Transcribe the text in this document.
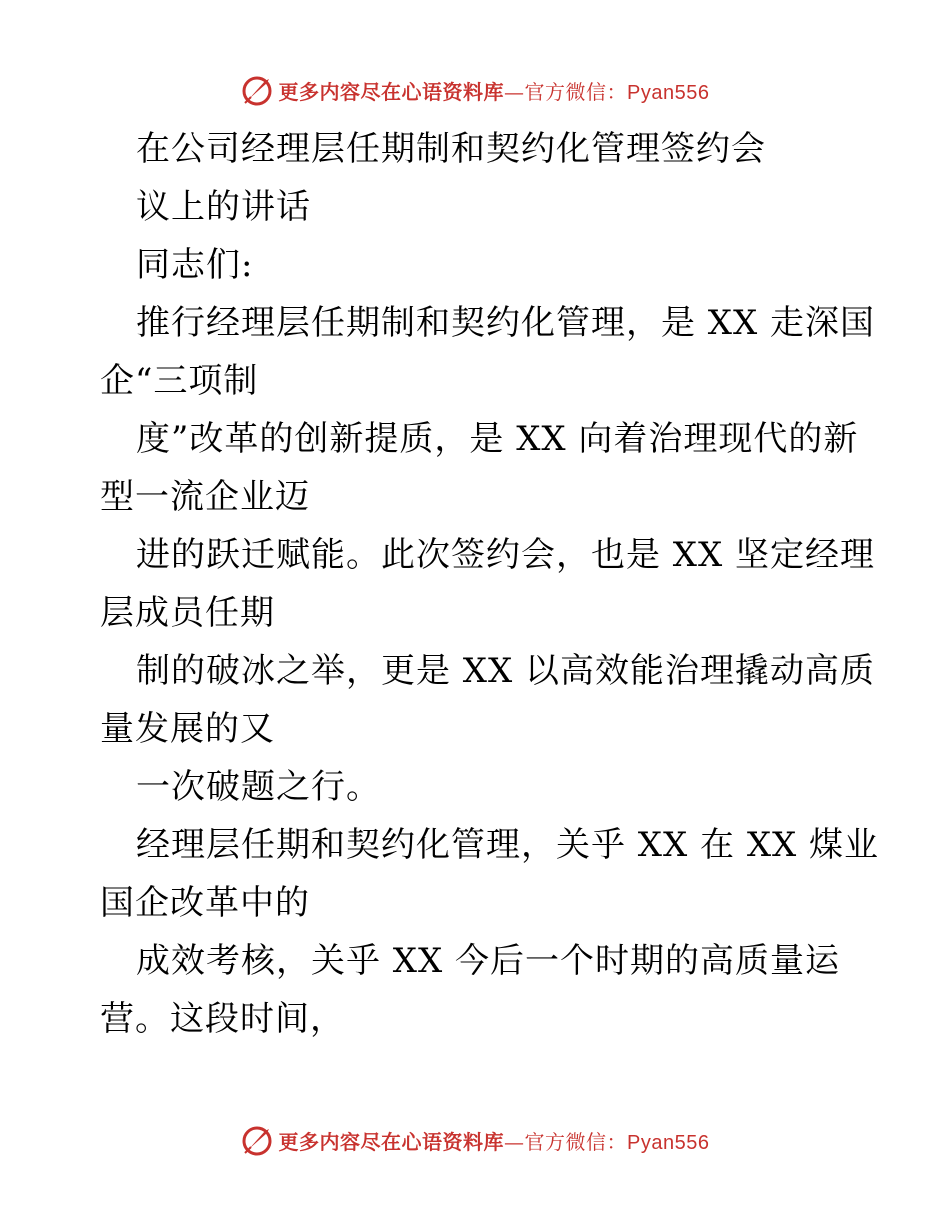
更多内容尽在心语资料库—官方微信：Pyan556
在公司经理层任期制和契约化管理签约会
议上的讲话
同志们:
推行经理层任期制和契约化管理，是 XX 走深国
企“三项制
度”改革的创新提质，是 XX 向着治理现代的新
型一流企业迈
进的跃迁赋能。此次签约会，也是 XX 坚定经理
层成员任期
制的破冰之举，更是 XX 以高效能治理撬动高质
量发展的又
一次破题之行。
经理层任期和契约化管理，关乎 XX 在 XX 煤业
国企改革中的
成效考核，关乎 XX 今后一个时期的高质量运
营。这段时间，
更多内容尽在心语资料库—官方微信：Pyan556
